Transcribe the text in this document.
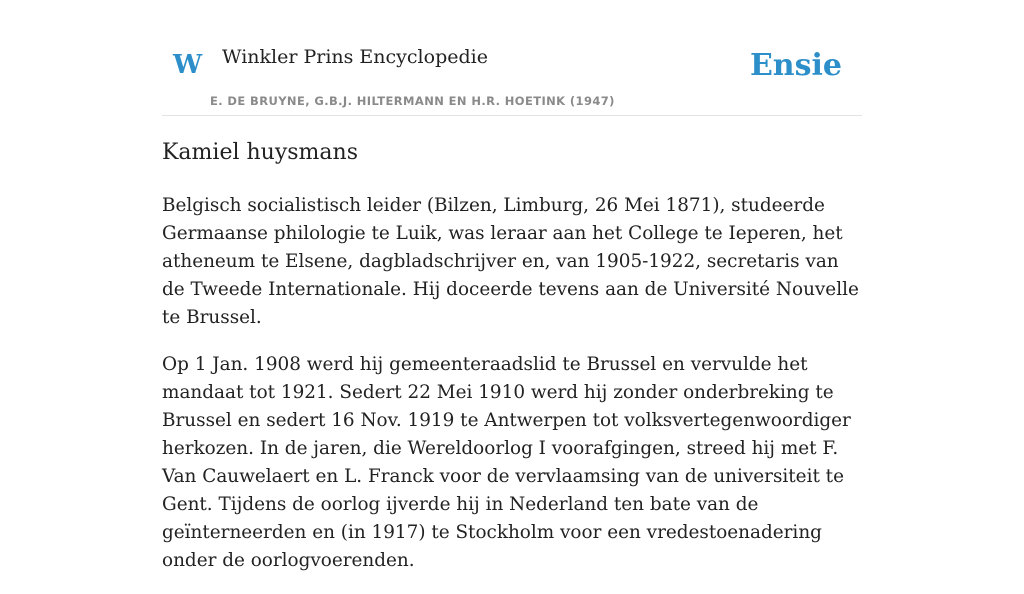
W Winkler Prins Encyclopedie
E. DE BRUYNE, G.B.J. HILTERMANN EN H.R. HOETINK (1947)
Ensie
Kamiel huysmans

Belgisch socialistisch leider (Bilzen, Limburg, 26 Mei 1871), studeerde Germaanse philologie te Luik, was leraar aan het College te Ieperen, het atheneum te Elsene, dagbladschrijver en, van 1905-1922, secretaris van de Tweede Internationale. Hij doceerde tevens aan de Université Nouvelle te Brussel.

Op 1 Jan. 1908 werd hij gemeenteraadslid te Brussel en vervulde het mandaat tot 1921. Sedert 22 Mei 1910 werd hij zonder onderbreking te Brussel en sedert 16 Nov. 1919 te Antwerpen tot volksvertegenwoordiger herkozen. In de jaren, die Wereldoorlog I voorafgingen, streed hij met F. Van Cauwelaert en L. Franck voor de vervlaamsing van de universiteit te Gent. Tijdens de oorlog ijverde hij in Nederland ten bate van de geïnterneerden en (in 1917) te Stockholm voor een vredestoenadering onder de oorlogvoerenden.
